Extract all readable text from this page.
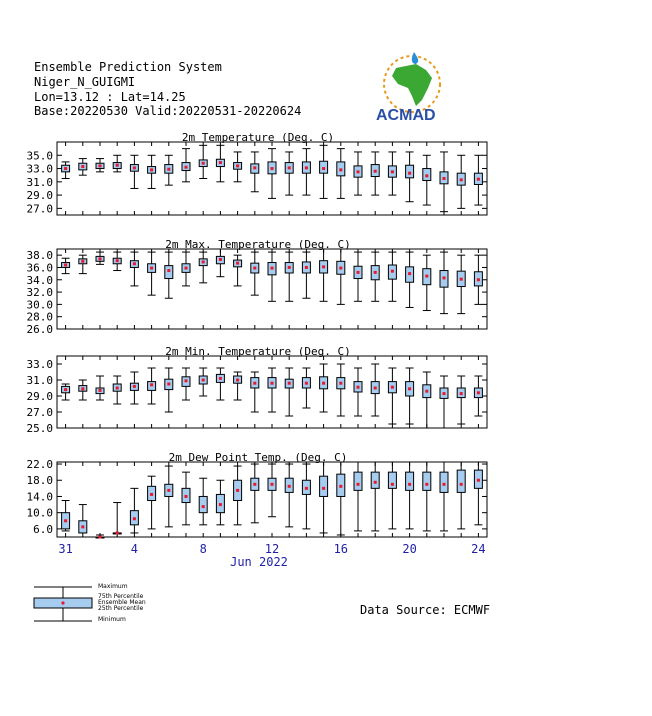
Ensemble Prediction System
Niger_N_GUIGMI
Lon=13.12 : Lat=14.25
Base:20220530 Valid:20220531-20220624	ACMAD
2m Temperature (Deg. C)
35.0
33.0
31.0
29.0
27.0
2m Max. Temperature (Deg. C)
38.0
36.0
34.0
32.0
30.0
28.0
26.0
2m Min. Temperature (Deg. C)
33.0
31.0
29.0
27.0
25.0
2m Dew Point Temp. (Deg. C)
22.0
18.0
14.0
10.0
6.0
31	4	8	12	16	20	24
Jun 2022
Maximum
75th Percentile
Ensemble Mean
25th Percentile
Minimum
Data Source: ECMWF
